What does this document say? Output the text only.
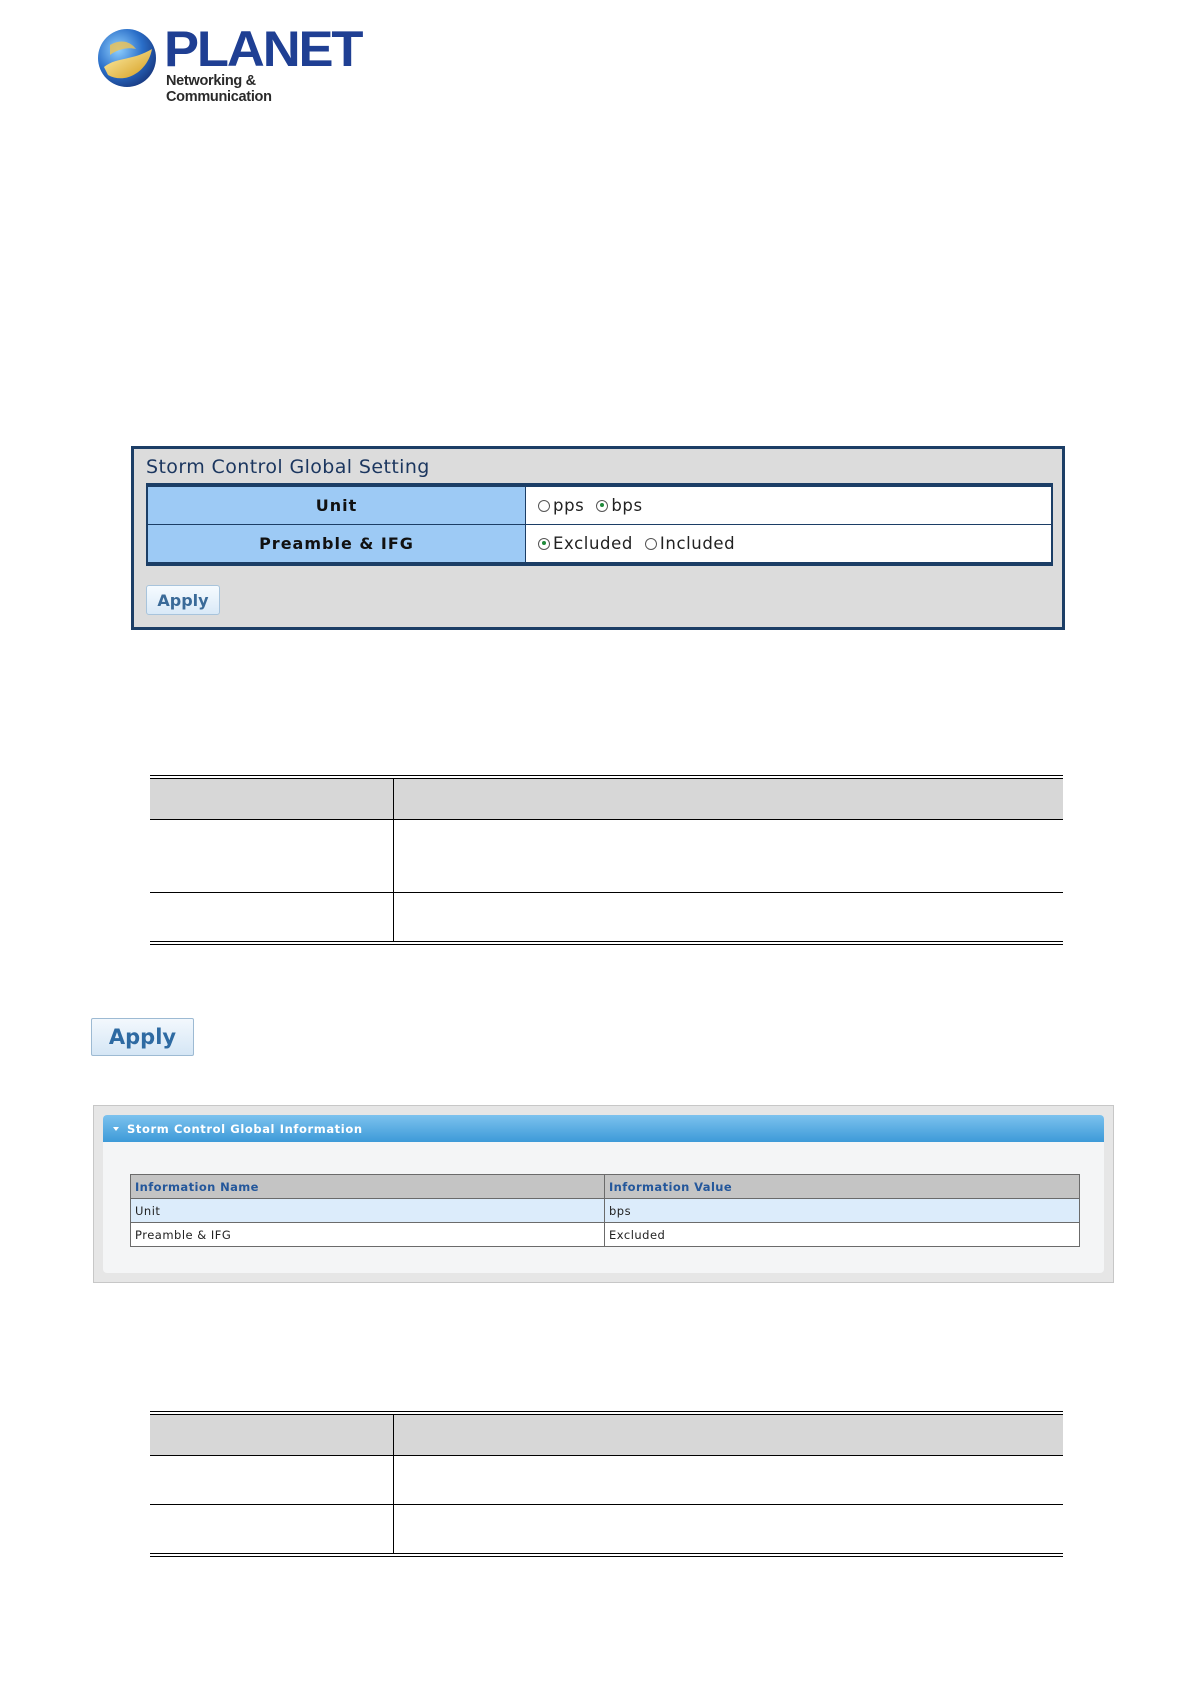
PLANET
Networking & Communication
Storm Control Global Setting
Unit	pps bps
Preamble & IFG	Excluded Included
Apply
Apply
Storm Control Global Information
Information Name	Information Value
Unit	bps
Preamble & IFG	Excluded
